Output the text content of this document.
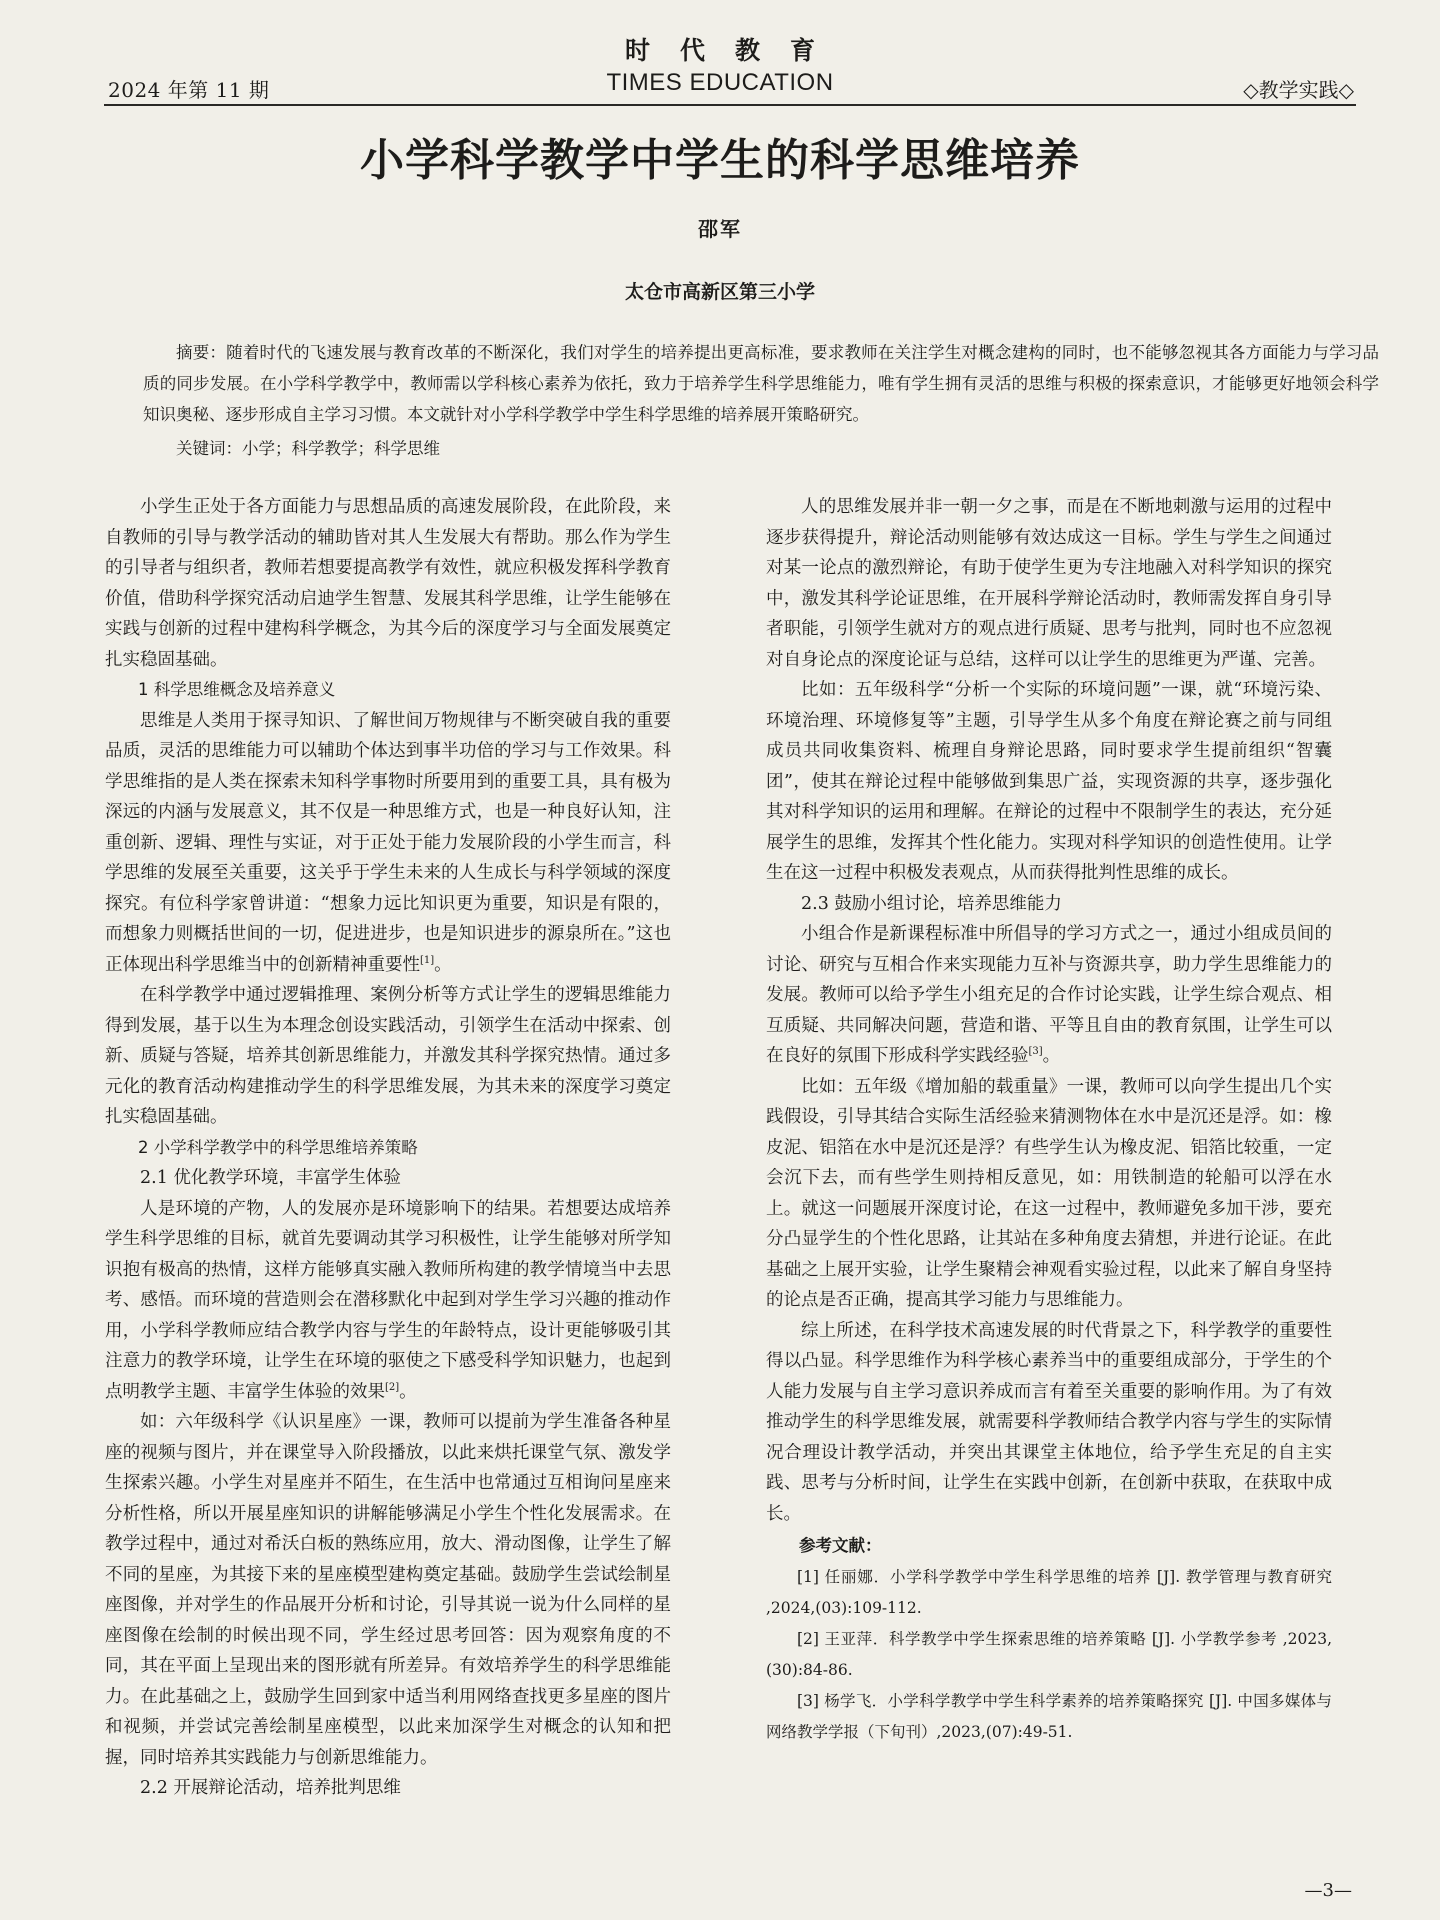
2024 年第 11 期
时代教育
TIMES EDUCATION	◇教学实践◇
小学科学教学中学生的科学思维培养
邵军
太仓市高新区第三小学
摘要：随着时代的飞速发展与教育改革的不断深化，我们对学生的培养提出更高标准，要求教师在关注学生对概念建构的同时，也不能够忽视其各方面能力与学习品质的同步发展。在小学科学教学中，教师需以学科核心素养为依托，致力于培养学生科学思维能力，唯有学生拥有灵活的思维与积极的探索意识，才能够更好地领会科学知识奥秘、逐步形成自主学习习惯。本文就针对小学科学教学中学生科学思维的培养展开策略研究。
关键词：小学；科学教学；科学思维

小学生正处于各方面能力与思想品质的高速发展阶段，在此阶段，来自教师的引导与教学活动的辅助皆对其人生发展大有帮助。那么作为学生的引导者与组织者，教师若想要提高教学有效性，就应积极发挥科学教育价值，借助科学探究活动启迪学生智慧、发展其科学思维，让学生能够在实践与创新的过程中建构科学概念，为其今后的深度学习与全面发展奠定扎实稳固基础。

1 科学思维概念及培养意义

思维是人类用于探寻知识、了解世间万物规律与不断突破自我的重要品质，灵活的思维能力可以辅助个体达到事半功倍的学习与工作效果。科学思维指的是人类在探索未知科学事物时所要用到的重要工具，具有极为深远的内涵与发展意义，其不仅是一种思维方式，也是一种良好认知，注重创新、逻辑、理性与实证，对于正处于能力发展阶段的小学生而言，科学思维的发展至关重要，这关乎于学生未来的人生成长与科学领域的深度探究。有位科学家曾讲道：“想象力远比知识更为重要，知识是有限的，而想象力则概括世间的一切，促进进步，也是知识进步的源泉所在。”这也正体现出科学思维当中的创新精神重要性[1]。

在科学教学中通过逻辑推理、案例分析等方式让学生的逻辑思维能力得到发展，基于以生为本理念创设实践活动，引领学生在活动中探索、创新、质疑与答疑，培养其创新思维能力，并激发其科学探究热情。通过多元化的教育活动构建推动学生的科学思维发展，为其未来的深度学习奠定扎实稳固基础。

2 小学科学教学中的科学思维培养策略
2.1 优化教学环境，丰富学生体验

人是环境的产物，人的发展亦是环境影响下的结果。若想要达成培养学生科学思维的目标，就首先要调动其学习积极性，让学生能够对所学知识抱有极高的热情，这样方能够真实融入教师所构建的教学情境当中去思考、感悟。而环境的营造则会在潜移默化中起到对学生学习兴趣的推动作用，小学科学教师应结合教学内容与学生的年龄特点，设计更能够吸引其注意力的教学环境，让学生在环境的驱使之下感受科学知识魅力，也起到点明教学主题、丰富学生体验的效果[2]。

如：六年级科学《认识星座》一课，教师可以提前为学生准备各种星座的视频与图片，并在课堂导入阶段播放，以此来烘托课堂气氛、激发学生探索兴趣。小学生对星座并不陌生，在生活中也常通过互相询问星座来分析性格，所以开展星座知识的讲解能够满足小学生个性化发展需求。在教学过程中，通过对希沃白板的熟练应用，放大、滑动图像，让学生了解不同的星座，为其接下来的星座模型建构奠定基础。鼓励学生尝试绘制星座图像，并对学生的作品展开分析和讨论，引导其说一说为什么同样的星座图像在绘制的时候出现不同，学生经过思考回答：因为观察角度的不同，其在平面上呈现出来的图形就有所差异。有效培养学生的科学思维能力。在此基础之上，鼓励学生回到家中适当利用网络查找更多星座的图片和视频，并尝试完善绘制星座模型，以此来加深学生对概念的认知和把握，同时培养其实践能力与创新思维能力。

2.2 开展辩论活动，培养批判思维

人的思维发展并非一朝一夕之事，而是在不断地刺激与运用的过程中逐步获得提升，辩论活动则能够有效达成这一目标。学生与学生之间通过对某一论点的激烈辩论，有助于使学生更为专注地融入对科学知识的探究中，激发其科学论证思维，在开展科学辩论活动时，教师需发挥自身引导者职能，引领学生就对方的观点进行质疑、思考与批判，同时也不应忽视对自身论点的深度论证与总结，这样可以让学生的思维更为严谨、完善。

比如：五年级科学“分析一个实际的环境问题”一课，就“环境污染、环境治理、环境修复等”主题，引导学生从多个角度在辩论赛之前与同组成员共同收集资料、梳理自身辩论思路，同时要求学生提前组织“智囊团”，使其在辩论过程中能够做到集思广益，实现资源的共享，逐步强化其对科学知识的运用和理解。在辩论的过程中不限制学生的表达，充分延展学生的思维，发挥其个性化能力。实现对科学知识的创造性使用。让学生在这一过程中积极发表观点，从而获得批判性思维的成长。

2.3 鼓励小组讨论，培养思维能力

小组合作是新课程标准中所倡导的学习方式之一，通过小组成员间的讨论、研究与互相合作来实现能力互补与资源共享，助力学生思维能力的发展。教师可以给予学生小组充足的合作讨论实践，让学生综合观点、相互质疑、共同解决问题，营造和谐、平等且自由的教育氛围，让学生可以在良好的氛围下形成科学实践经验[3]。

比如：五年级《增加船的载重量》一课，教师可以向学生提出几个实践假设，引导其结合实际生活经验来猜测物体在水中是沉还是浮。如：橡皮泥、铝箔在水中是沉还是浮？有些学生认为橡皮泥、铝箔比较重，一定会沉下去，而有些学生则持相反意见，如：用铁制造的轮船可以浮在水上。就这一问题展开深度讨论，在这一过程中，教师避免多加干涉，要充分凸显学生的个性化思路，让其站在多种角度去猜想，并进行论证。在此基础之上展开实验，让学生聚精会神观看实验过程，以此来了解自身坚持的论点是否正确，提高其学习能力与思维能力。

综上所述，在科学技术高速发展的时代背景之下，科学教学的重要性得以凸显。科学思维作为科学核心素养当中的重要组成部分，于学生的个人能力发展与自主学习意识养成而言有着至关重要的影响作用。为了有效推动学生的科学思维发展，就需要科学教师结合教学内容与学生的实际情况合理设计教学活动，并突出其课堂主体地位，给予学生充足的自主实践、思考与分析时间，让学生在实践中创新，在创新中获取，在获取中成长。

参考文献：

[1] 任丽娜．小学科学教学中学生科学思维的培养 [J]. 教学管理与教育研究 ,2024,(03):109-112.

[2] 王亚萍．科学教学中学生探索思维的培养策略 [J]. 小学教学参考 ,2023,(30):84-86.

[3] 杨学飞．小学科学教学中学生科学素养的培养策略探究 [J]. 中国多媒体与网络教学学报（下旬刊）,2023,(07):49-51.

—3—
